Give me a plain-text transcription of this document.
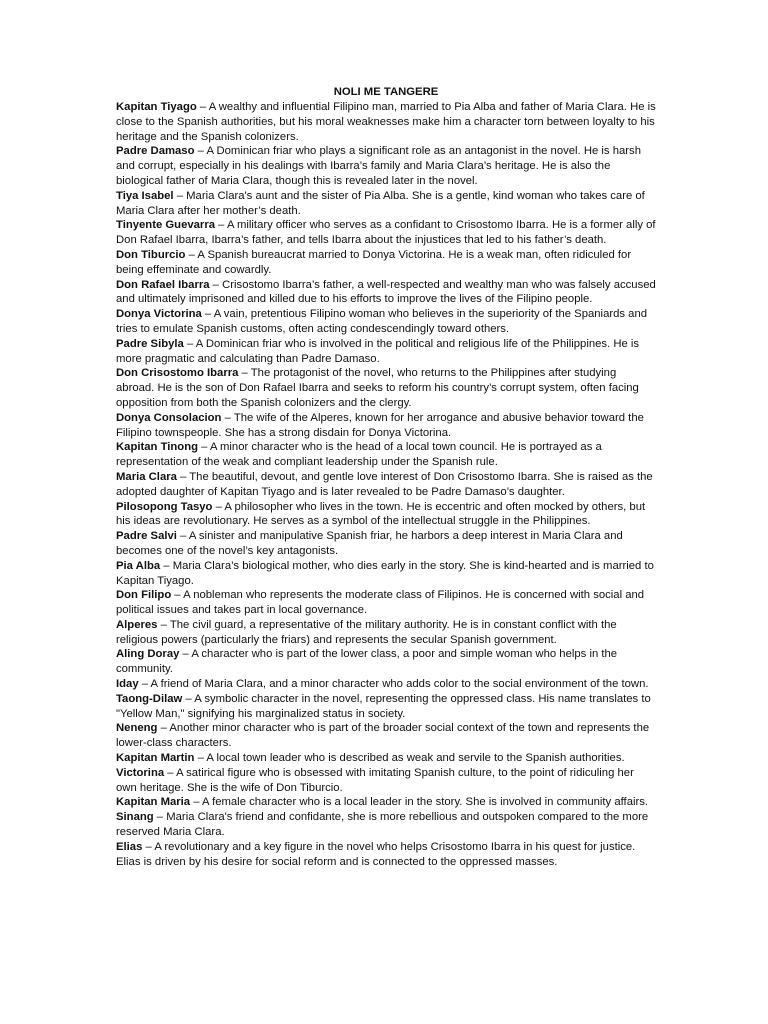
NOLI ME TANGERE

Kapitan Tiyago – A wealthy and influential Filipino man, married to Pia Alba and father of Maria Clara. He is close to the Spanish authorities, but his moral weaknesses make him a character torn between loyalty to his heritage and the Spanish colonizers.

Padre Damaso – A Dominican friar who plays a significant role as an antagonist in the novel. He is harsh and corrupt, especially in his dealings with Ibarra’s family and Maria Clara’s heritage. He is also the biological father of Maria Clara, though this is revealed later in the novel.

Tiya Isabel – Maria Clara's aunt and the sister of Pia Alba. She is a gentle, kind woman who takes care of Maria Clara after her mother’s death.

Tinyente Guevarra – A military officer who serves as a confidant to Crisostomo Ibarra. He is a former ally of Don Rafael Ibarra, Ibarra’s father, and tells Ibarra about the injustices that led to his father’s death.

Don Tiburcio – A Spanish bureaucrat married to Donya Victorina. He is a weak man, often ridiculed for being effeminate and cowardly.

Don Rafael Ibarra – Crisostomo Ibarra’s father, a well-respected and wealthy man who was falsely accused and ultimately imprisoned and killed due to his efforts to improve the lives of the Filipino people.

Donya Victorina – A vain, pretentious Filipino woman who believes in the superiority of the Spaniards and tries to emulate Spanish customs, often acting condescendingly toward others.

Padre Sibyla – A Dominican friar who is involved in the political and religious life of the Philippines. He is more pragmatic and calculating than Padre Damaso.

Don Crisostomo Ibarra – The protagonist of the novel, who returns to the Philippines after studying abroad. He is the son of Don Rafael Ibarra and seeks to reform his country’s corrupt system, often facing opposition from both the Spanish colonizers and the clergy.

Donya Consolacion – The wife of the Alperes, known for her arrogance and abusive behavior toward the Filipino townspeople. She has a strong disdain for Donya Victorina.

Kapitan Tinong – A minor character who is the head of a local town council. He is portrayed as a representation of the weak and compliant leadership under the Spanish rule.

Maria Clara – The beautiful, devout, and gentle love interest of Don Crisostomo Ibarra. She is raised as the adopted daughter of Kapitan Tiyago and is later revealed to be Padre Damaso’s daughter.

Pilosopong Tasyo – A philosopher who lives in the town. He is eccentric and often mocked by others, but his ideas are revolutionary. He serves as a symbol of the intellectual struggle in the Philippines.

Padre Salvi – A sinister and manipulative Spanish friar, he harbors a deep interest in Maria Clara and becomes one of the novel’s key antagonists.

Pia Alba – Maria Clara’s biological mother, who dies early in the story. She is kind-hearted and is married to Kapitan Tiyago.

Don Filipo – A nobleman who represents the moderate class of Filipinos. He is concerned with social and political issues and takes part in local governance.

Alperes – The civil guard, a representative of the military authority. He is in constant conflict with the religious powers (particularly the friars) and represents the secular Spanish government.

Aling Doray – A character who is part of the lower class, a poor and simple woman who helps in the community.

Iday – A friend of Maria Clara, and a minor character who adds color to the social environment of the town.

Taong-Dilaw – A symbolic character in the novel, representing the oppressed class. His name translates to "Yellow Man," signifying his marginalized status in society.

Neneng – Another minor character who is part of the broader social context of the town and represents the lower-class characters.

Kapitan Martin – A local town leader who is described as weak and servile to the Spanish authorities.

Victorina – A satirical figure who is obsessed with imitating Spanish culture, to the point of ridiculing her own heritage. She is the wife of Don Tiburcio.

Kapitan Maria – A female character who is a local leader in the story. She is involved in community affairs.

Sinang – Maria Clara's friend and confidante, she is more rebellious and outspoken compared to the more reserved Maria Clara.

Elias – A revolutionary and a key figure in the novel who helps Crisostomo Ibarra in his quest for justice. Elias is driven by his desire for social reform and is connected to the oppressed masses.
